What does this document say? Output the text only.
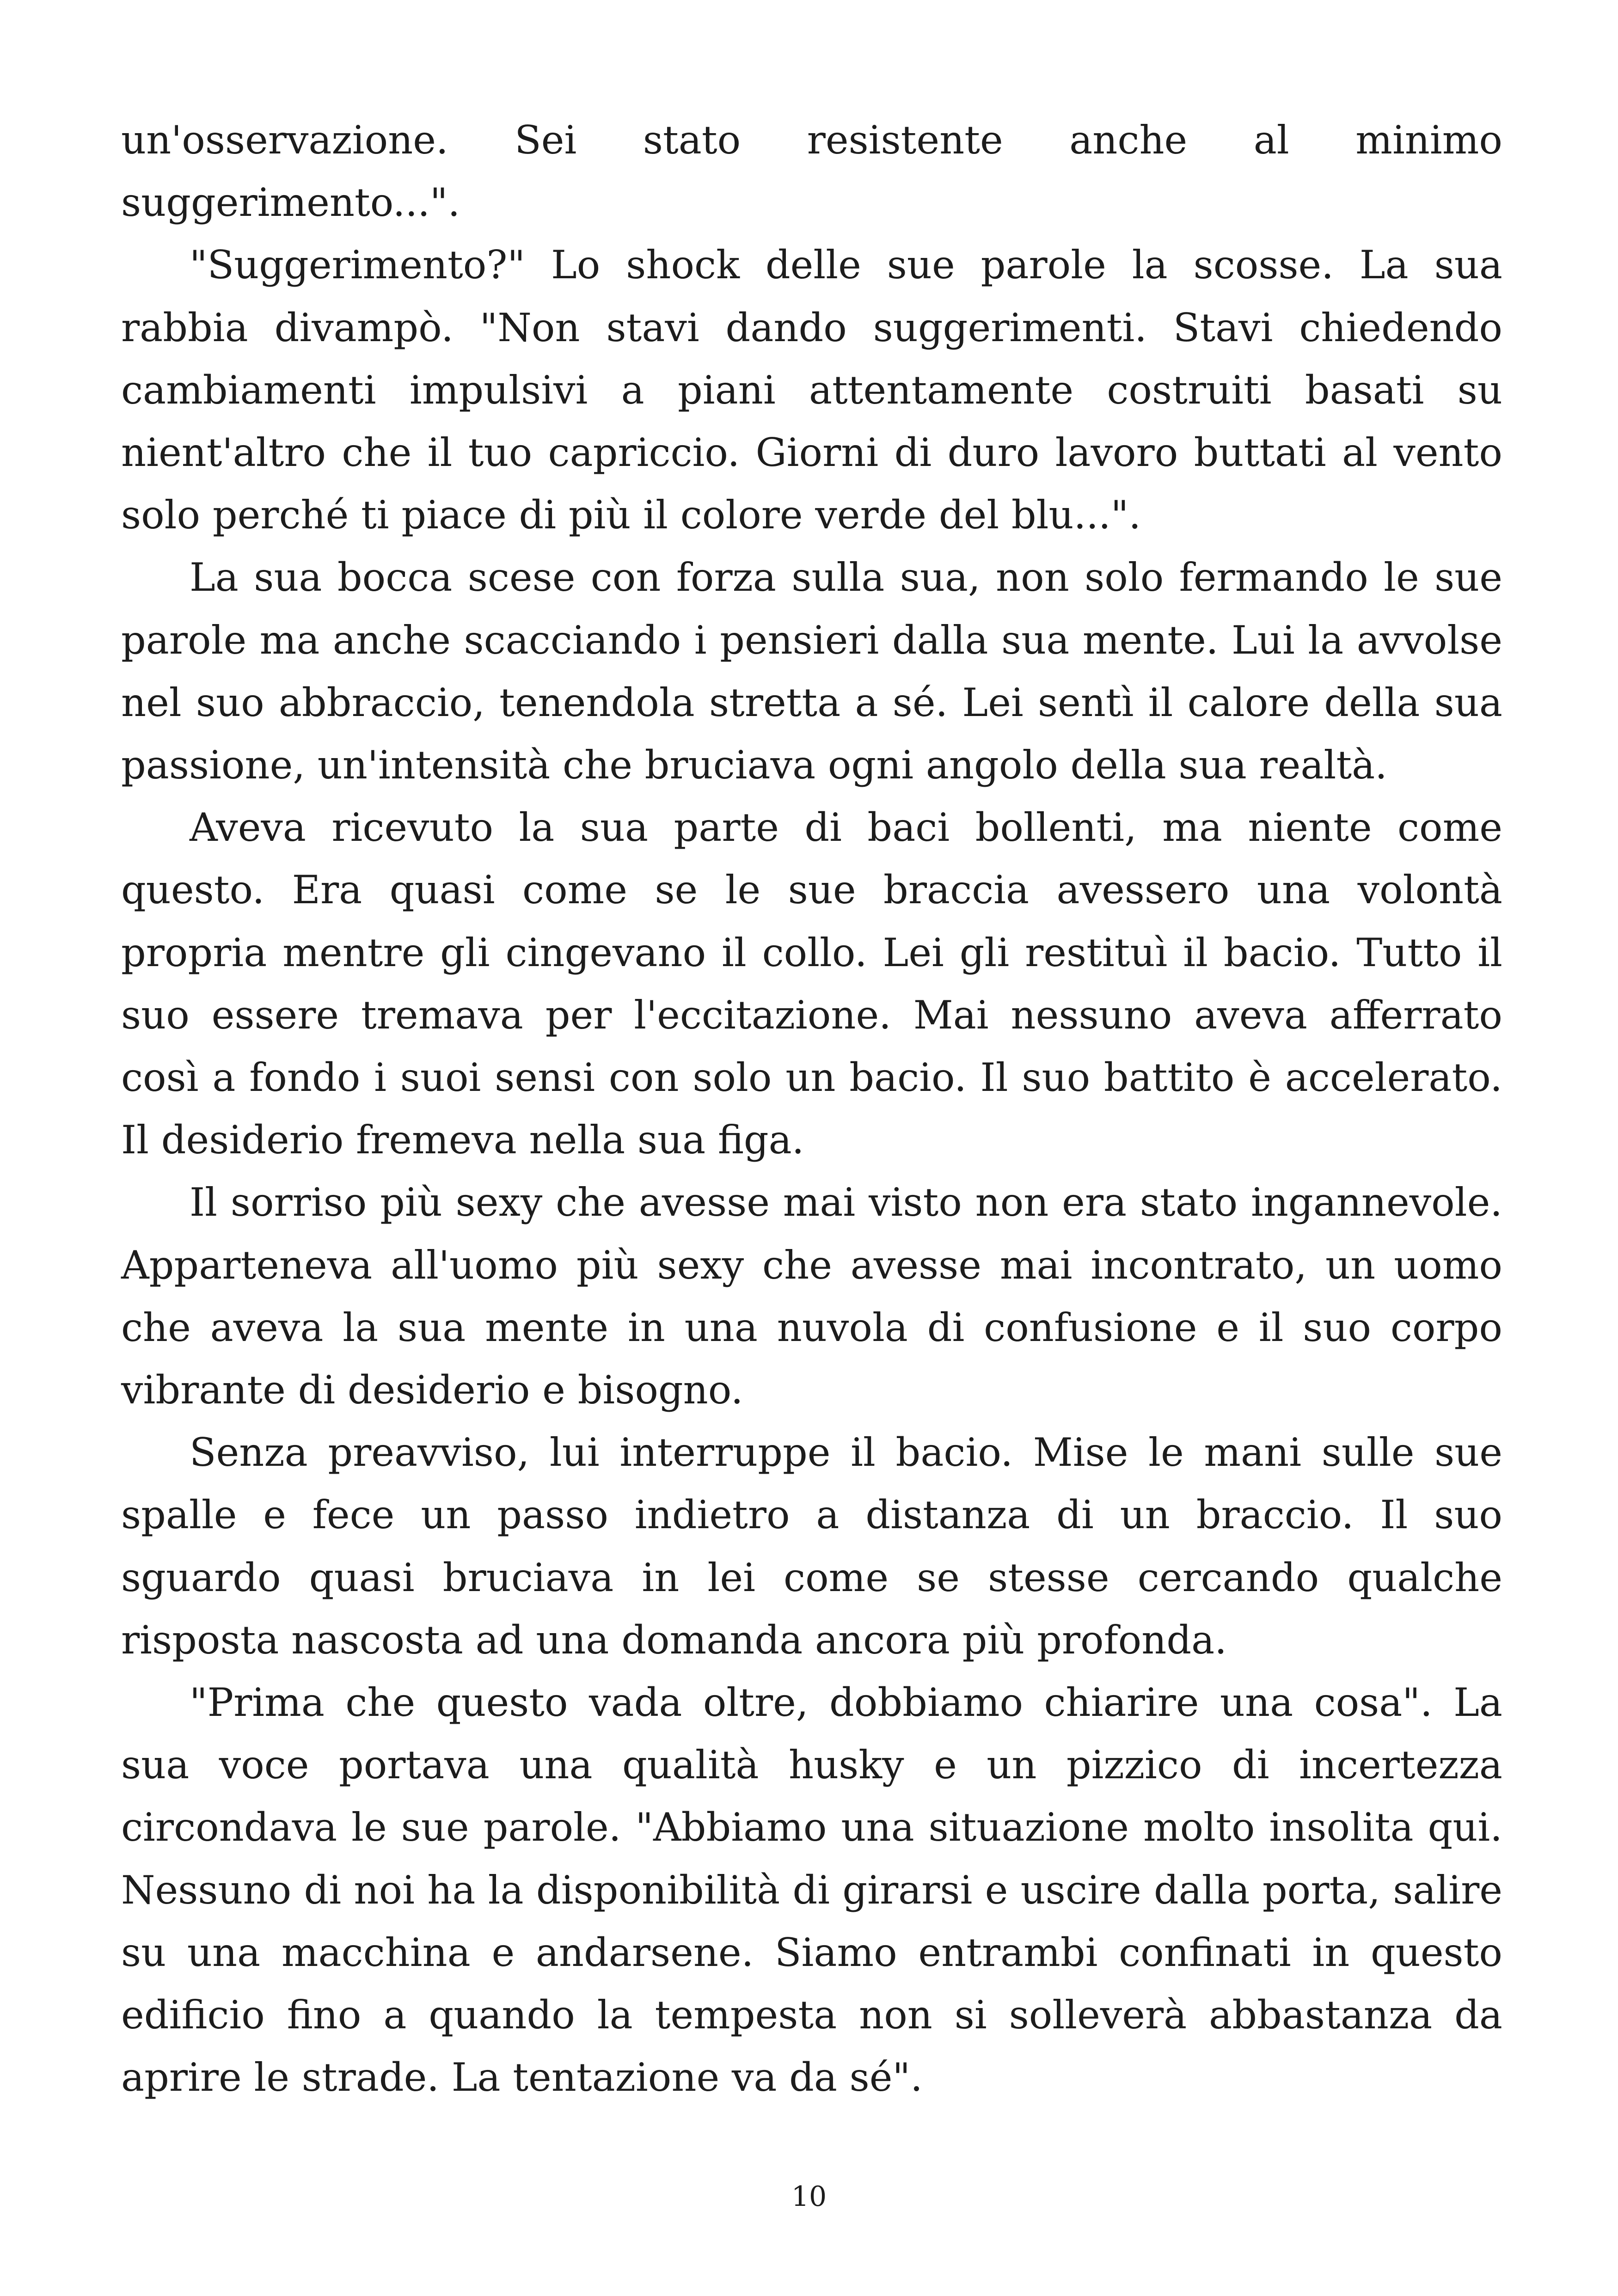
un'osservazione. Sei stato resistente anche al minimo suggerimento...".

"Suggerimento?" Lo shock delle sue parole la scosse. La sua rabbia divampò. "Non stavi dando suggerimenti. Stavi chiedendo cambiamenti impulsivi a piani attentamente costruiti basati su nient'altro che il tuo capriccio. Giorni di duro lavoro buttati al vento solo perché ti piace di più il colore verde del blu...".

La sua bocca scese con forza sulla sua, non solo fermando le sue parole ma anche scacciando i pensieri dalla sua mente. Lui la avvolse nel suo abbraccio, tenendola stretta a sé. Lei sentì il calore della sua passione, un'intensità che bruciava ogni angolo della sua realtà.

Aveva ricevuto la sua parte di baci bollenti, ma niente come questo. Era quasi come se le sue braccia avessero una volontà propria mentre gli cingevano il collo. Lei gli restituì il bacio. Tutto il suo essere tremava per l'eccitazione. Mai nessuno aveva afferrato così a fondo i suoi sensi con solo un bacio. Il suo battito è accelerato. Il desiderio fremeva nella sua figa.

Il sorriso più sexy che avesse mai visto non era stato ingannevole. Apparteneva all'uomo più sexy che avesse mai incontrato, un uomo che aveva la sua mente in una nuvola di confusione e il suo corpo vibrante di desiderio e bisogno.

Senza preavviso, lui interruppe il bacio. Mise le mani sulle sue spalle e fece un passo indietro a distanza di un braccio. Il suo sguardo quasi bruciava in lei come se stesse cercando qualche risposta nascosta ad una domanda ancora più profonda.

"Prima che questo vada oltre, dobbiamo chiarire una cosa". La sua voce portava una qualità husky e un pizzico di incertezza circondava le sue parole. "Abbiamo una situazione molto insolita qui. Nessuno di noi ha la disponibilità di girarsi e uscire dalla porta, salire su una macchina e andarsene. Siamo entrambi confinati in questo edificio fino a quando la tempesta non si solleverà abbastanza da aprire le strade. La tentazione va da sé".

10
